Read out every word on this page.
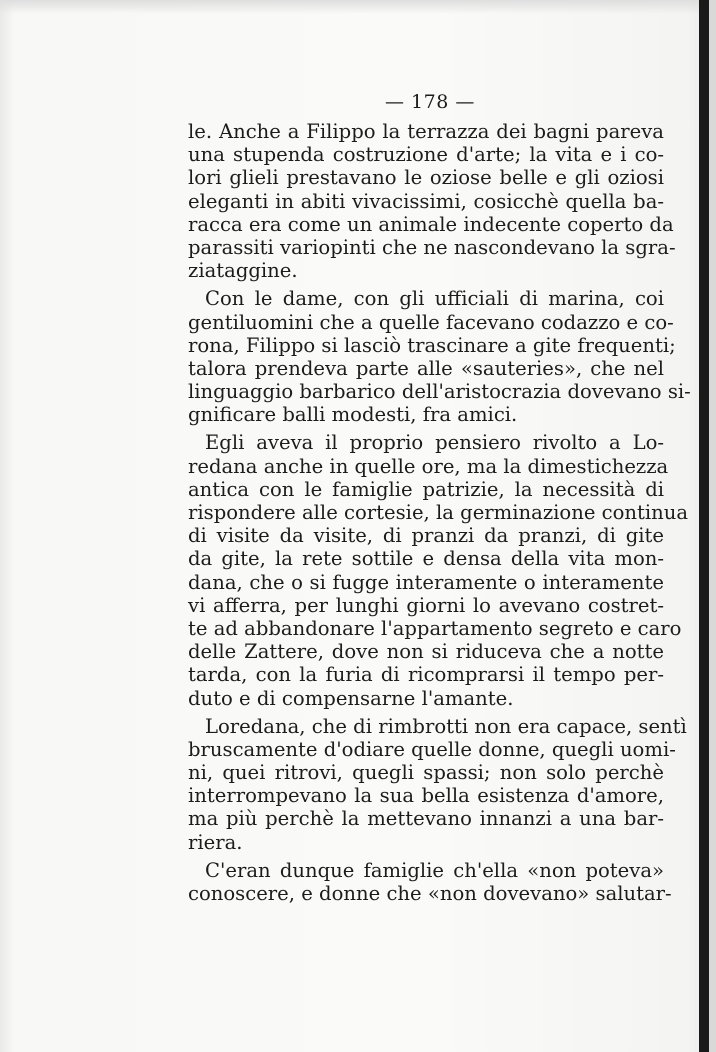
— 178 —
le. Anche a Filippo la terrazza dei bagni pareva
una stupenda costruzione d'arte; la vita e i co-
lori glieli prestavano le oziose belle e gli oziosi
eleganti in abiti vivacissimi, cosicchè quella ba-
racca era come un animale indecente coperto da
parassiti variopinti che ne nascondevano la sgra-
ziataggine.
Con le dame, con gli ufficiali di marina, coi
gentiluomini che a quelle facevano codazzo e co-
rona, Filippo si lasciò trascinare a gite frequenti;
talora prendeva parte alle «sauteries», che nel
linguaggio barbarico dell'aristocrazia dovevano si-
gnificare balli modesti, fra amici.
Egli aveva il proprio pensiero rivolto a Lo-
redana anche in quelle ore, ma la dimestichezza
antica con le famiglie patrizie, la necessità di
rispondere alle cortesie, la germinazione continua
di visite da visite, di pranzi da pranzi, di gite
da gite, la rete sottile e densa della vita mon-
dana, che o si fugge interamente o interamente
vi afferra, per lunghi giorni lo avevano costret-
te ad abbandonare l'appartamento segreto e caro
delle Zattere, dove non si riduceva che a notte
tarda, con la furia di ricomprarsi il tempo per-
duto e di compensarne l'amante.
Loredana, che di rimbrotti non era capace, sentì
bruscamente d'odiare quelle donne, quegli uomi-
ni, quei ritrovi, quegli spassi; non solo perchè
interrompevano la sua bella esistenza d'amore,
ma più perchè la mettevano innanzi a una bar-
riera.
C'eran dunque famiglie ch'ella «non poteva»
conoscere, e donne che «non dovevano» salutar-
